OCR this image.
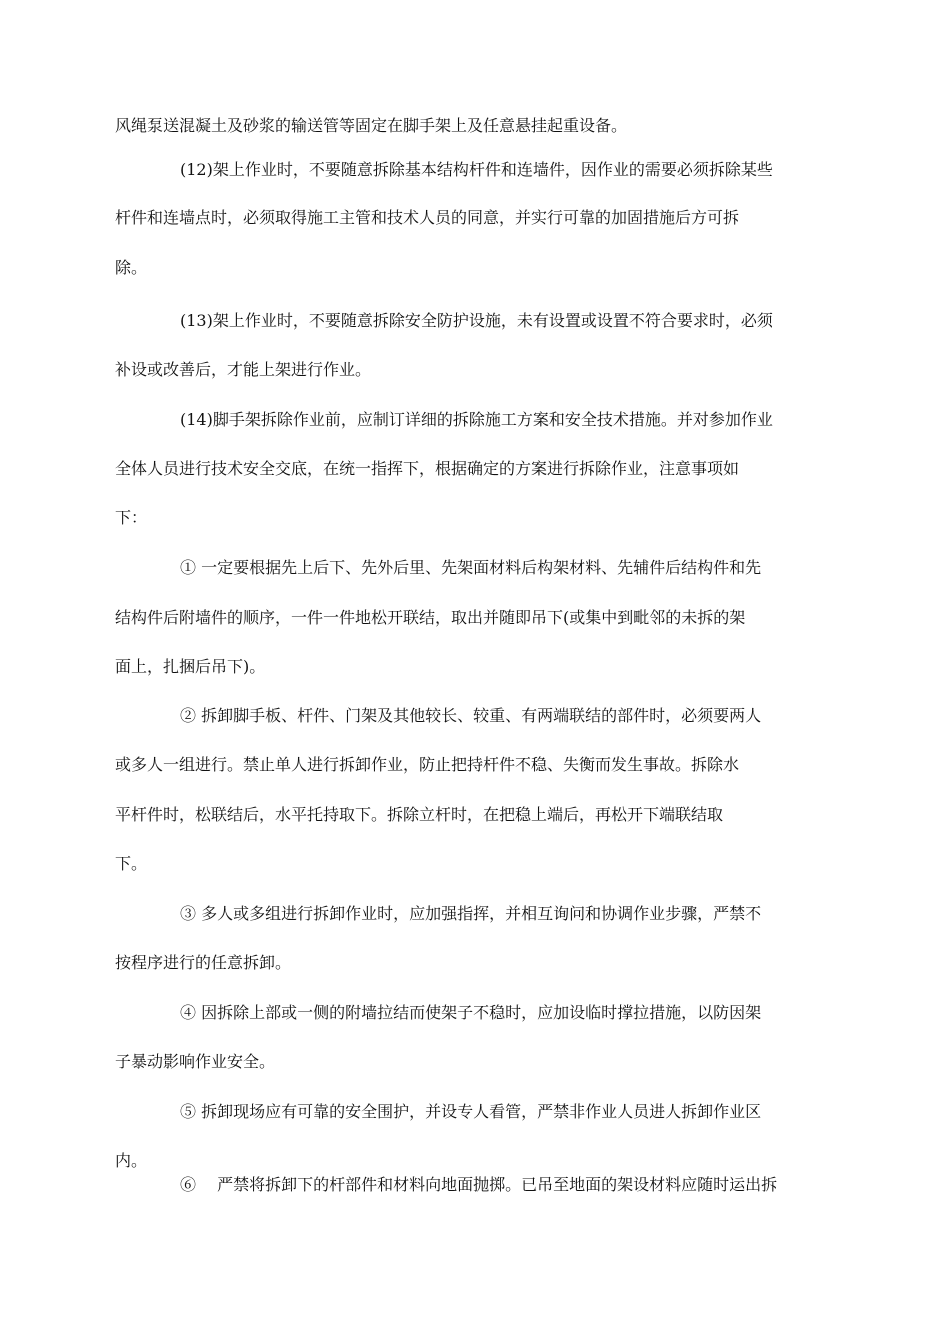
风绳泵送混凝土及砂浆的输送管等固定在脚手架上及任意悬挂起重设备。

(12)架上作业时，不要随意拆除基本结构杆件和连墙件，因作业的需要必须拆除某些

杆件和连墙点时，必须取得施工主管和技术人员的同意，并实行可靠的加固措施后方可拆

除。

(13)架上作业时，不要随意拆除安全防护设施，未有设置或设置不符合要求时，必须

补设或改善后，才能上架进行作业。

(14)脚手架拆除作业前，应制订详细的拆除施工方案和安全技术措施。并对参加作业

全体人员进行技术安全交底，在统一指挥下，根据确定的方案进行拆除作业，注意事项如

下：

① 一定要根据先上后下、先外后里、先架面材料后构架材料、先辅件后结构件和先

结构件后附墙件的顺序，一件一件地松开联结，取出并随即吊下(或集中到毗邻的未拆的架

面上，扎捆后吊下)。

② 拆卸脚手板、杆件、门架及其他较长、较重、有两端联结的部件时，必须要两人

或多人一组进行。禁止单人进行拆卸作业，防止把持杆件不稳、失衡而发生事故。拆除水

平杆件时，松联结后，水平托持取下。拆除立杆时，在把稳上端后，再松开下端联结取

下。

③ 多人或多组进行拆卸作业时，应加强指挥，并相互询问和协调作业步骤，严禁不

按程序进行的任意拆卸。

④ 因拆除上部或一侧的附墙拉结而使架子不稳时，应加设临时撑拉措施，以防因架

子暴动影响作业安全。

⑤ 拆卸现场应有可靠的安全围护，并设专人看管，严禁非作业人员进人拆卸作业区

内。

⑥　 严禁将拆卸下的杆部件和材料向地面抛掷。已吊至地面的架设材料应随时运出拆
